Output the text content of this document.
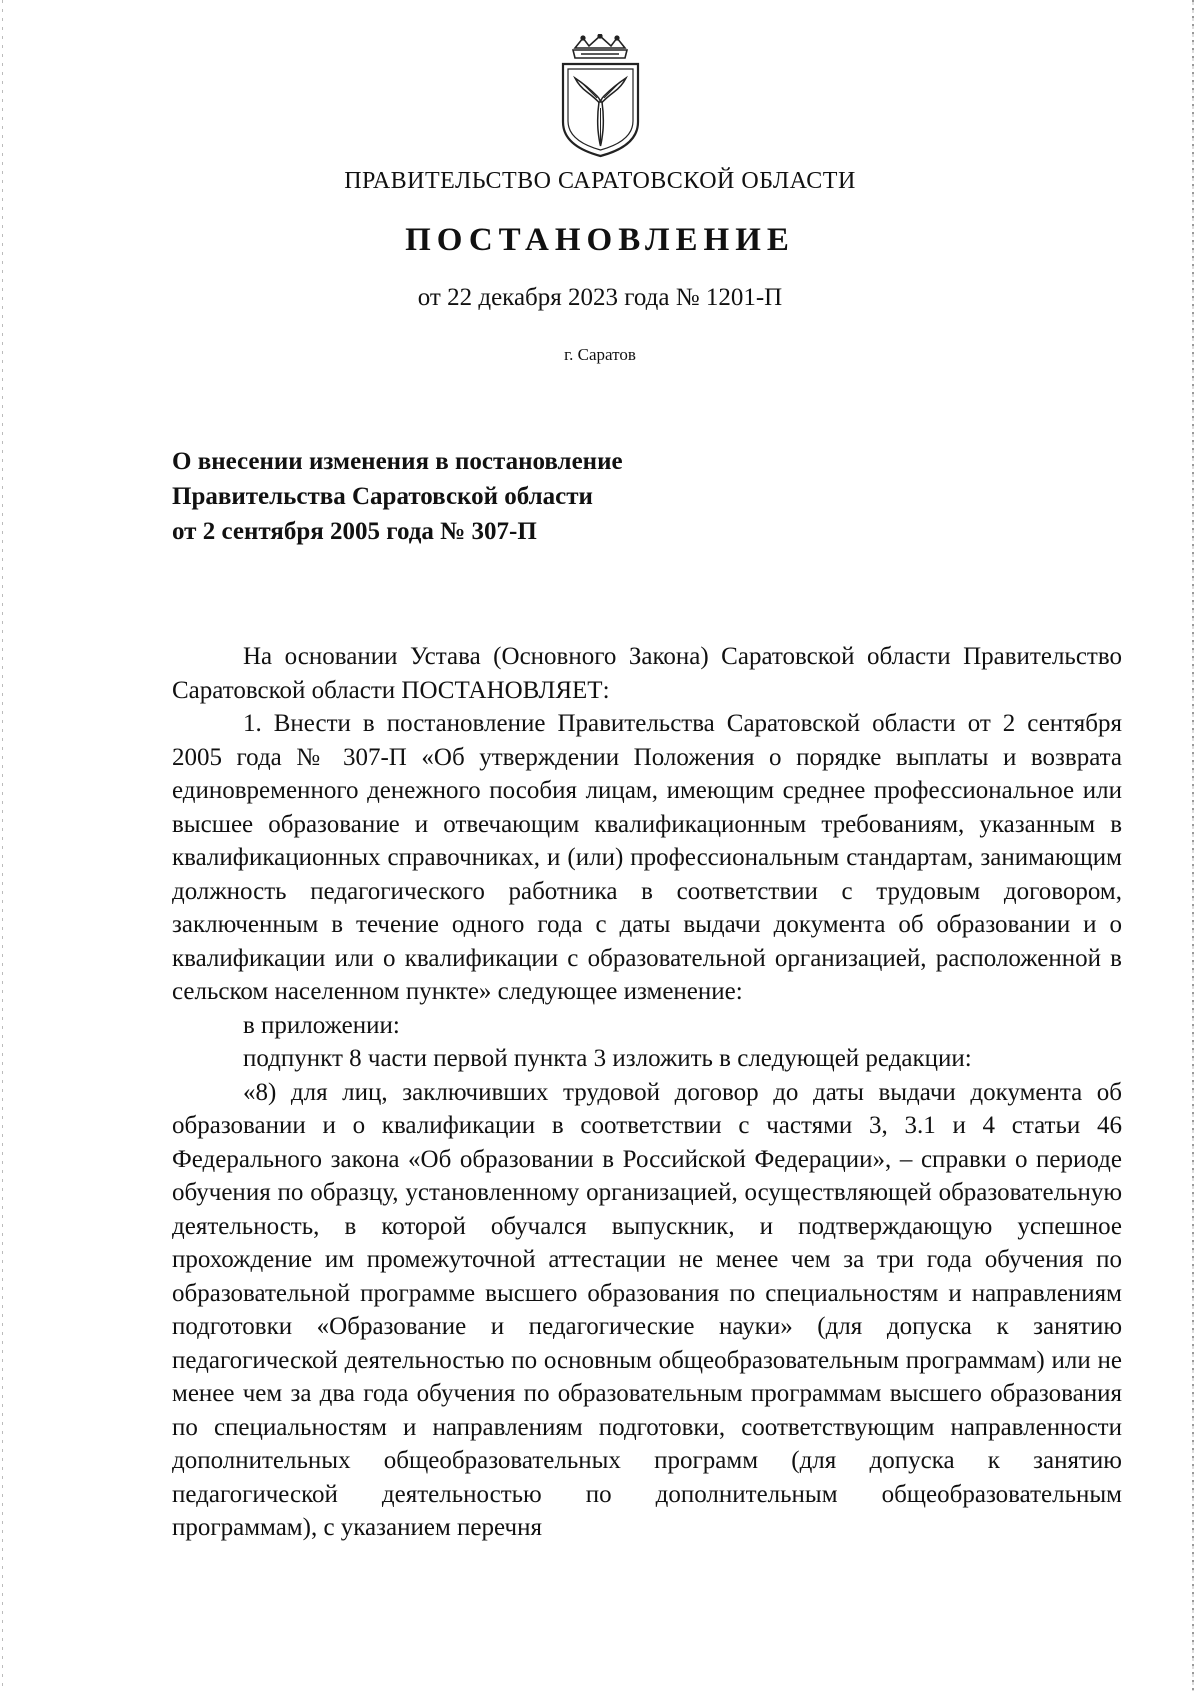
ПРАВИТЕЛЬСТВО САРАТОВСКОЙ ОБЛАСТИ
ПОСТАНОВЛЕНИЕ
от 22 декабря 2023 года № 1201-П
г. Саратов
О внесении изменения в постановление
Правительства Саратовской области
от 2 сентября 2005 года № 307-П

На основании Устава (Основного Закона) Саратовской области Правительство Саратовской области ПОСТАНОВЛЯЕТ:

1. Внести в постановление Правительства Саратовской области от 2 сентября 2005 года № 307-П «Об утверждении Положения о порядке выплаты и возврата единовременного денежного пособия лицам, имеющим среднее профессиональное или высшее образование и отвечающим квалификационным требованиям, указанным в квалификационных справочниках, и (или) профессиональным стандартам, занимающим должность педагогического работника в соответствии с трудовым договором, заключенным в течение одного года с даты выдачи документа об образовании и о квалификации или о квалификации с образовательной организацией, расположенной в сельском населенном пункте» следующее изменение:

в приложении:

подпункт 8 части первой пункта 3 изложить в следующей редакции:

«8) для лиц, заключивших трудовой договор до даты выдачи документа об образовании и о квалификации в соответствии с частями 3, 3.1 и 4 статьи 46 Федерального закона «Об образовании в Российской Федерации», – справки о периоде обучения по образцу, установленному организацией, осуществляющей образовательную деятельность, в которой обучался выпускник, и подтверждающую успешное прохождение им промежуточной аттестации не менее чем за три года обучения по образовательной программе высшего образования по специальностям и направлениям подготовки «Образование и педагогические науки» (для допуска к занятию педагогической деятельностью по основным общеобразовательным программам) или не менее чем за два года обучения по образовательным программам высшего образования по специальностям и направлениям подготовки, соответствующим направленности дополнительных общеобразовательных программ (для допуска к занятию педагогической деятельностью по дополнительным общеобразовательным программам), с указанием перечня
